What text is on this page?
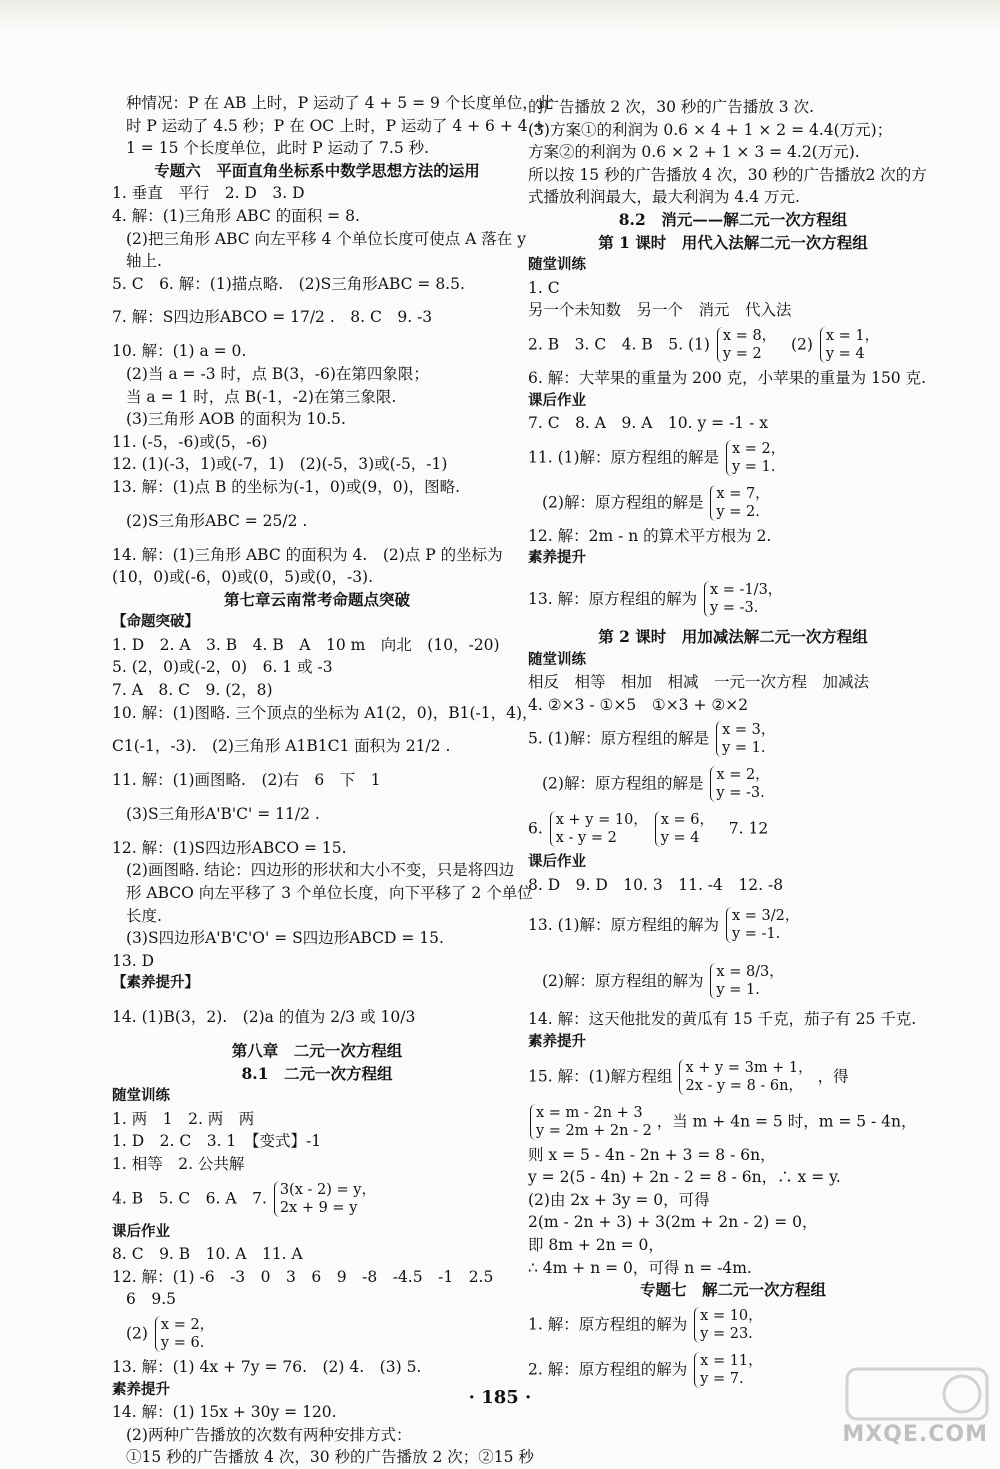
种情况：P 在 AB 上时，P 运动了 4 + 5 = 9 个长度单位，此
时 P 运动了 4.5 秒；P 在 OC 上时，P 运动了 4 + 6 + 4 +
1 = 15 个长度单位，此时 P 运动了 7.5 秒.
专题六　平面直角坐标系中数学思想方法的运用
1. 垂直　平行　2. D　3. D
4. 解：(1)三角形 ABC 的面积 = 8.
(2)把三角形 ABC 向左平移 4 个单位长度可使点 A 落在 y
轴上.
5. C　6. 解：(1)描点略.　(2)S三角形ABC = 8.5.
7. 解：S四边形ABCO = 17/2 .　8. C　9. -3
10. 解：(1) a = 0.
(2)当 a = -3 时，点 B(3，-6)在第四象限；
当 a = 1 时，点 B(-1，-2)在第三象限.
(3)三角形 AOB 的面积为 10.5.
11. (-5，-6)或(5，-6)
12. (1)(-3，1)或(-7，1)　(2)(-5，3)或(-5，-1)
13. 解：(1)点 B 的坐标为(-1，0)或(9，0)，图略.
(2)S三角形ABC = 25/2 .
14. 解：(1)三角形 ABC 的面积为 4.　(2)点 P 的坐标为
(10，0)或(-6，0)或(0，5)或(0，-3).
第七章云南常考命题点突破
【命题突破】
1. D　2. A　3. B　4. B　A　10 m　向北　(10，-20)
5. (2，0)或(-2，0)　6. 1 或 -3
7. A　8. C　9. (2，8)
10. 解：(1)图略. 三个顶点的坐标为 A1(2，0)，B1(-1，4)，
C1(-1，-3).　(2)三角形 A1B1C1 面积为 21/2 .
11. 解：(1)画图略.　(2)右　6　下　1
(3)S三角形A'B'C' = 11/2 .
12. 解：(1)S四边形ABCO = 15.
(2)画图略. 结论：四边形的形状和大小不变，只是将四边
形 ABCO 向左平移了 3 个单位长度，向下平移了 2 个单位
长度.
(3)S四边形A'B'C'O' = S四边形ABCD = 15.
13. D
【素养提升】
14. (1)B(3，2).　(2)a 的值为 2/3 或 10/3
第八章　二元一次方程组
8.1　二元一次方程组
随堂训练
1. 两　1　2. 两　两
1. D　2. C　3. 1　【变式】-1
1. 相等　2. 公共解
4. B　5. C　6. A　7. 3(x - 2) = y，
2x + 9 = y
课后作业
8. C　9. B　10. A　11. A
12. 解：(1) -6　-3　0　3　6　9　-8　-4.5　-1　2.5
6　9.5
(2) x = 2，
y = 6.
13. 解：(1) 4x + 7y = 76.　(2) 4.　(3) 5.
素养提升
14. 解：(1) 15x + 30y = 120.
(2)两种广告播放的次数有两种安排方式：
①15 秒的广告播放 4 次，30 秒的广告播放 2 次；②15 秒
的广告播放 2 次，30 秒的广告播放 3 次.
(3)方案①的利润为 0.6 × 4 + 1 × 2 = 4.4(万元)；
方案②的利润为 0.6 × 2 + 1 × 3 = 4.2(万元).
所以按 15 秒的广告播放 4 次，30 秒的广告播放2 次的方
式播放利润最大，最大利润为 4.4 万元.
8.2　消元——解二元一次方程组
第 1 课时　用代入法解二元一次方程组
随堂训练
1. C
另一个未知数　另一个　消元　代入法
2. B　3. C　4. B　5. (1) x = 8，
y = 2
(2) x = 1，
y = 4
6. 解：大苹果的重量为 200 克，小苹果的重量为 150 克.
课后作业
7. C　8. A　9. A　10. y = -1 - x
11. (1)解：原方程组的解是 x = 2，
y = 1.
(2)解：原方程组的解是 x = 7，
y = 2.
12. 解：2m - n 的算术平方根为 2.
素养提升
13. 解：原方程组的解为 x = -1/3，
y = -3.
第 2 课时　用加减法解二元一次方程组
随堂训练
相反　相等　相加　相减　一元一次方程　加减法
4. ②×3 - ①×5　①×3 + ②×2
5. (1)解：原方程组的解是 x = 3，
y = 1.
(2)解：原方程组的解是 x = 2，
y = -3.
6. x + y = 10，
x - y = 2

x = 6，
y = 4
7. 12
课后作业
8. D　9. D　10. 3　11. -4　12. -8
13. (1)解：原方程组的解为 x = 3/2，
y = -1.
(2)解：原方程组的解为 x = 8/3，
y = 1.
14. 解：这天他批发的黄瓜有 15 千克，茄子有 25 千克.
素养提升
15. 解：(1)解方程组 x + y = 3m + 1，
2x - y = 8 - 6n，
，得
x = m - 2n + 3
y = 2m + 2n - 2
，当 m + 4n = 5 时，m = 5 - 4n，
则 x = 5 - 4n - 2n + 3 = 8 - 6n，
y = 2(5 - 4n) + 2n - 2 = 8 - 6n，∴ x = y.
(2)由 2x + 3y = 0，可得
2(m - 2n + 3) + 3(2m + 2n - 2) = 0，
即 8m + 2n = 0，
∴ 4m + n = 0，可得 n = -4m.
专题七　解二元一次方程组
1. 解：原方程组的解为 x = 10，
y = 23.
2. 解：原方程组的解为 x = 11，
y = 7.
· 185 ·
MXQE.COM
